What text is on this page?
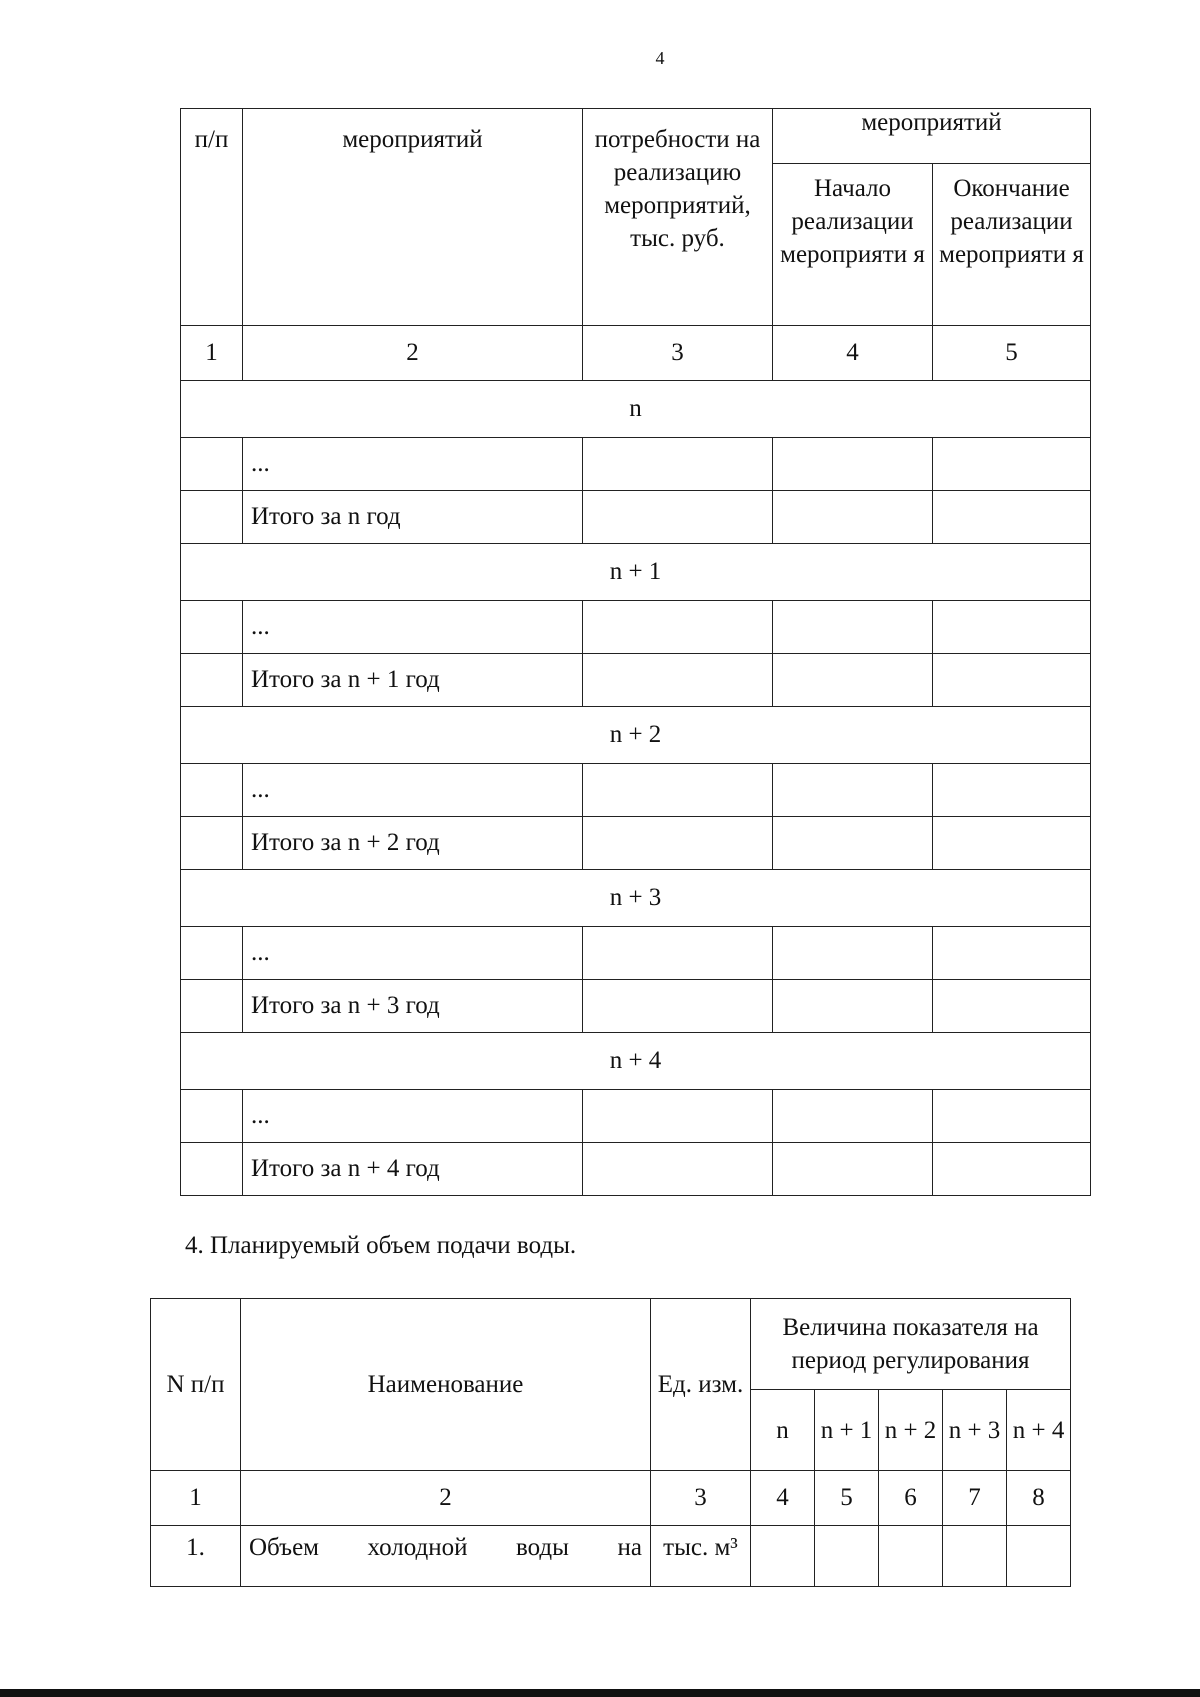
4
п/п	мероприятий	потребности на реализацию мероприятий, тыс. руб.	мероприятий	
			Начало реализации мероприяти я	Окончание реализации мероприяти я
1	2	3	4	5
n				
	...			
	Итого за n год			
n + 1				
	...			
	Итого за n + 1 год			
n + 2				
	...			
	Итого за n + 2 год			
n + 3				
	...			
	Итого за n + 3 год			
n + 4				
	...			
	Итого за n + 4 год			
4. Планируемый объем подачи воды.
N п/п	Наименование	Ед. изм.	Величина показателя на период регулирования				
			n	n + 1	n + 2	n + 3	n + 4
1	2	3	4	5	6	7	8
1.	Объем холодной воды на	тыс. м³					
